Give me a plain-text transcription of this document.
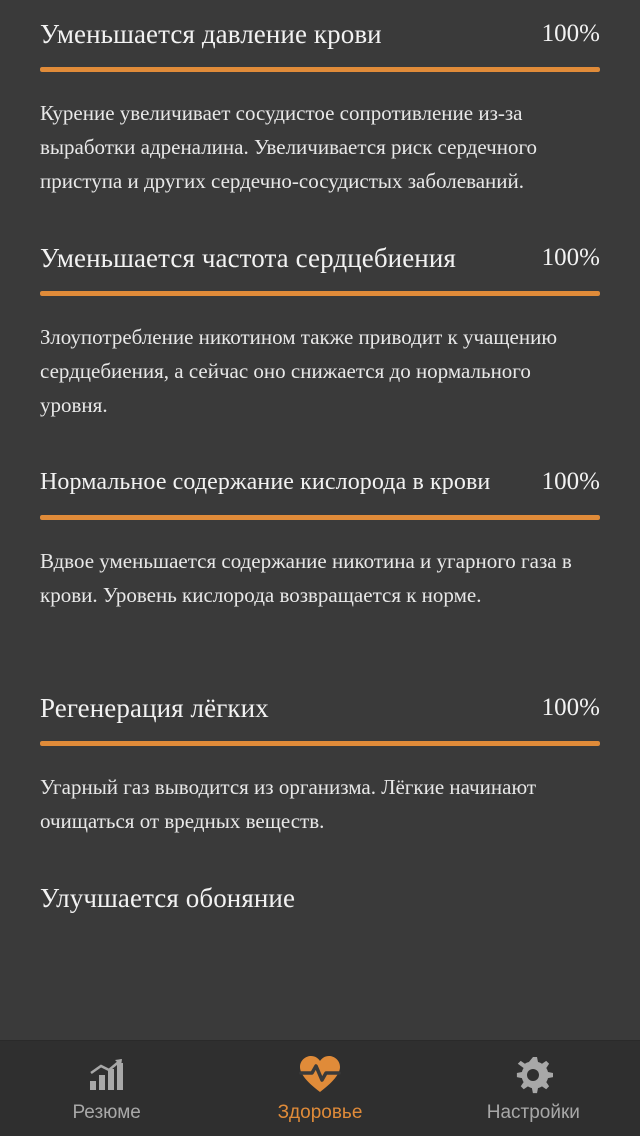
Уменьшается давление крови	100%
Курение увеличивает сосудистое сопротивление из-за выработки адреналина. Увеличивается риск сердечного приступа и других сердечно-сосудистых заболеваний.
Уменьшается частота сердцебиения	100%
Злоупотребление никотином также приводит к учащению сердцебиения, а сейчас оно снижается до нормального уровня.
Нормальное содержание кислорода в крови 100%
Вдвое уменьшается содержание никотина и угарного газа в крови. Уровень кислорода возвращается к норме.
Регенерация лёгких	100%
Угарный газ выводится из организма. Лёгкие начинают очищаться от вредных веществ.
Улучшается обоняние
Резюме	Здоровье	Настройки
